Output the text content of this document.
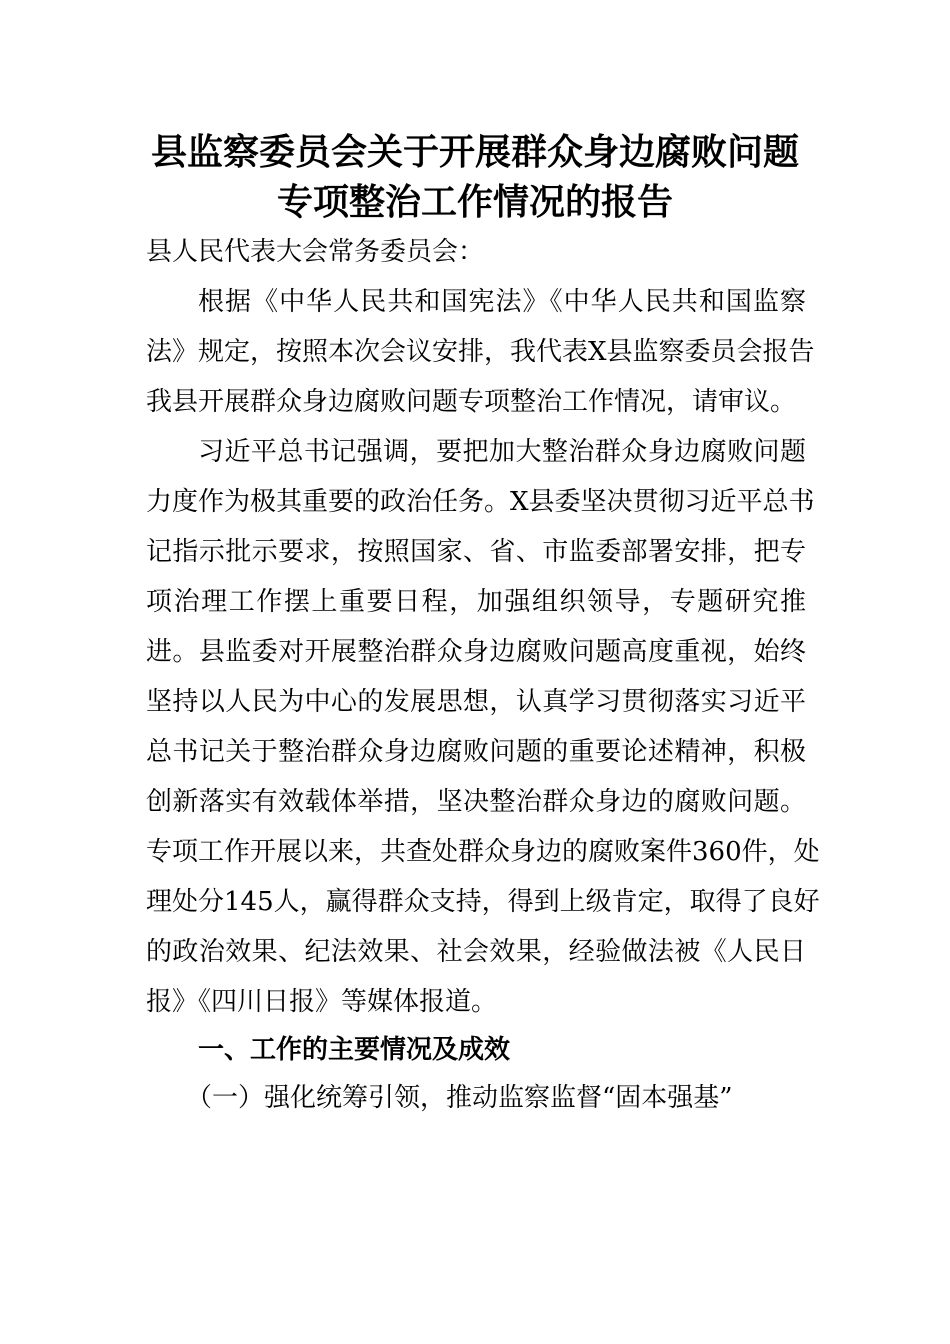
县监察委员会关于开展群众身边腐败问题
专项整治工作情况的报告
县人民代表大会常务委员会：
根据《中华人民共和国宪法》《中华人民共和国监察
法》规定，按照本次会议安排，我代表X县监察委员会报告
我县开展群众身边腐败问题专项整治工作情况，请审议。
习近平总书记强调，要把加大整治群众身边腐败问题
力度作为极其重要的政治任务。X县委坚决贯彻习近平总书
记指示批示要求，按照国家、省、市监委部署安排，把专
项治理工作摆上重要日程，加强组织领导，专题研究推
进。县监委对开展整治群众身边腐败问题高度重视，始终
坚持以人民为中心的发展思想，认真学习贯彻落实习近平
总书记关于整治群众身边腐败问题的重要论述精神，积极
创新落实有效载体举措，坚决整治群众身边的腐败问题。
专项工作开展以来，共查处群众身边的腐败案件360件，处
理处分145人，赢得群众支持，得到上级肯定，取得了良好
的政治效果、纪法效果、社会效果，经验做法被《人民日
报》《四川日报》等媒体报道。
一、工作的主要情况及成效
（一）强化统筹引领，推动监察监督“固本强基”
